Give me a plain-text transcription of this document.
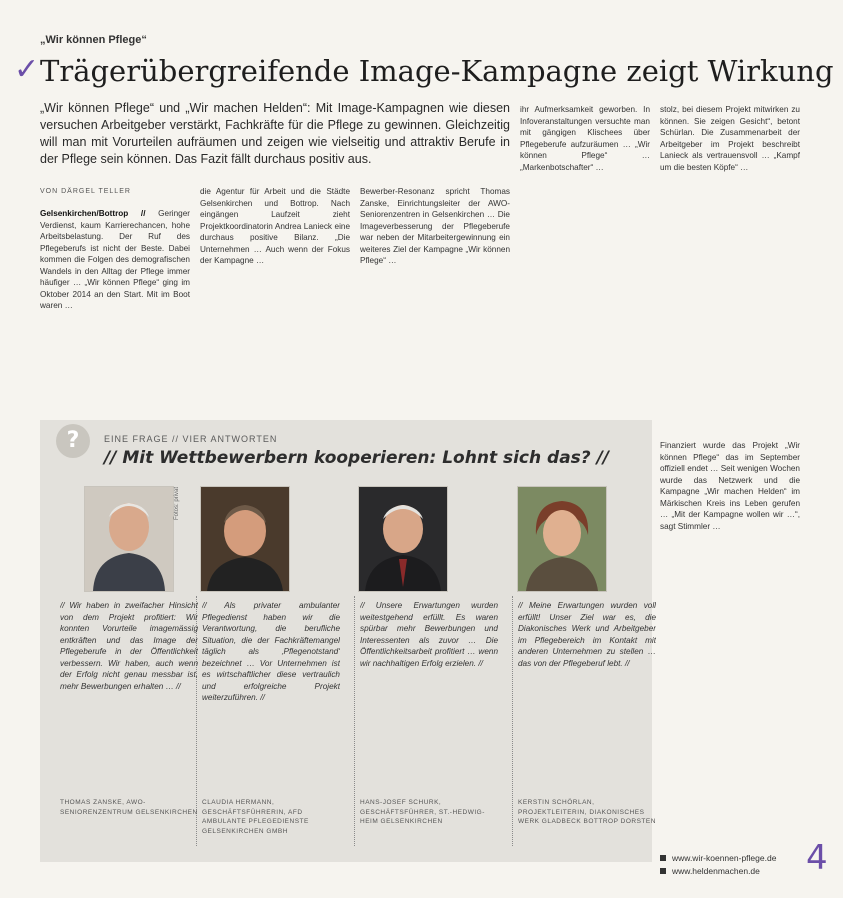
„Wir können Pflege“
✓ Trägerübergreifende Image-Kampagne zeigt Wirkung

„Wir können Pflege“ und „Wir machen Helden“: Mit Image-Kampagnen wie diesen versuchen Arbeitgeber verstärkt, Fachkräfte für die Pflege zu gewinnen. Gleichzeitig will man mit Vorurteilen aufräumen und zeigen wie vielseitig und attraktiv Berufe in der Pflege sein können. Das Fazit fällt durchaus positiv aus.

VON DÄRGEL TELLER

Gelsenkirchen/Bottrop // Geringer Verdienst, kaum Karrierechancen, hohe Arbeitsbelastung. Der Ruf des Pflegeberufs ist nicht der Beste. Dabei kommen die Folgen des demografischen Wandels in den Alltag der Pflege immer häufiger … „Wir können Pflege“ ging im Oktober 2014 an den Start. Mit im Boot waren …

die Agentur für Arbeit und die Städte Gelsenkirchen und Bottrop. Nach eingängen Laufzeit zieht Projektkoordinatorin Andrea Lanieck eine durchaus positive Bilanz. „Die Unternehmen … Auch wenn der Fokus der Kampagne …

Bewerber-Resonanz spricht Thomas Zanske, Einrichtungsleiter der AWO-Seniorenzentren in Gelsenkirchen … Die Imageverbesserung der Pflegeberufe war neben der Mitarbeitergewinnung ein weiteres Ziel der Kampagne „Wir können Pflege“ …

ihr Aufmerksamkeit geworben. In Infoveranstaltungen versuchte man mit gängigen Klischees über Pflegeberufe aufzuräumen … „Wir können Pflege“ … „Markenbotschafter“ …

stolz, bei diesem Projekt mitwirken zu können. Sie zeigen Gesicht“, betont Schürlan. Die Zusammenarbeit der Arbeitgeber im Projekt beschreibt Lanieck als vertrauensvoll … „Kampf um die besten Köpfe“ …

Finanziert wurde das Projekt „Wir können Pflege“ das im September offiziell endet … Seit wenigen Wochen wurde das Netzwerk und die Kampagne „Wir machen Helden“ im Märkischen Kreis ins Leben gerufen … „Mit der Kampagne wollen wir …“, sagt Stimmler …

?	EINE FRAGE // VIER ANTWORTEN
// Mit Wettbewerbern kooperieren: Lohnt sich das? //
Fotos: privat

// Wir haben in zweifacher Hinsicht von dem Projekt profitiert: Wir konnten Vorurteile imagemässig entkräften und das Image der Pflegeberufe in der Öffentlichkeit verbessern. Wir haben, auch wenn der Erfolg nicht genau messbar ist, mehr Bewerbungen erhalten … //

// Als privater ambulanter Pflegedienst haben wir die Verantwortung, die berufliche Situation, die der Fachkräftemangel täglich als ‚Pflegenotstand‘ bezeichnet … Vor Unternehmen ist es wirtschaftlicher diese vertraulich und erfolgreiche Projekt weiterzuführen. //

// Unsere Erwartungen wurden weitestgehend erfüllt. Es waren spürbar mehr Bewerbungen und Interessenten als zuvor … Die Öffentlichkeitsarbeit profitiert … wenn wir nachhaltigen Erfolg erzielen. //

// Meine Erwartungen wurden voll erfüllt! Unser Ziel war es, die Diakonisches Werk und Arbeitgeber im Pflegebereich im Kontakt mit anderen Unternehmen zu stellen … das von der Pflegeberuf lebt. //

THOMAS ZANSKE, AWO-SENIORENZENTRUM GELSENKIRCHEN
CLAUDIA HERMANN, GESCHÄFTSFÜHRERIN, AFD AMBULANTE PFLEGEDIENSTE GELSENKIRCHEN GMBH
HANS-JOSEF SCHURK, GESCHÄFTSFÜHRER, ST.-HEDWIG-HEIM GELSENKIRCHEN
KERSTIN SCHÖRLAN, PROJEKTLEITERIN, DIAKONISCHES WERK GLADBECK BOTTROP DORSTEN
www.wir-koennen-pflege.de
www.heldenmachen.de	4
